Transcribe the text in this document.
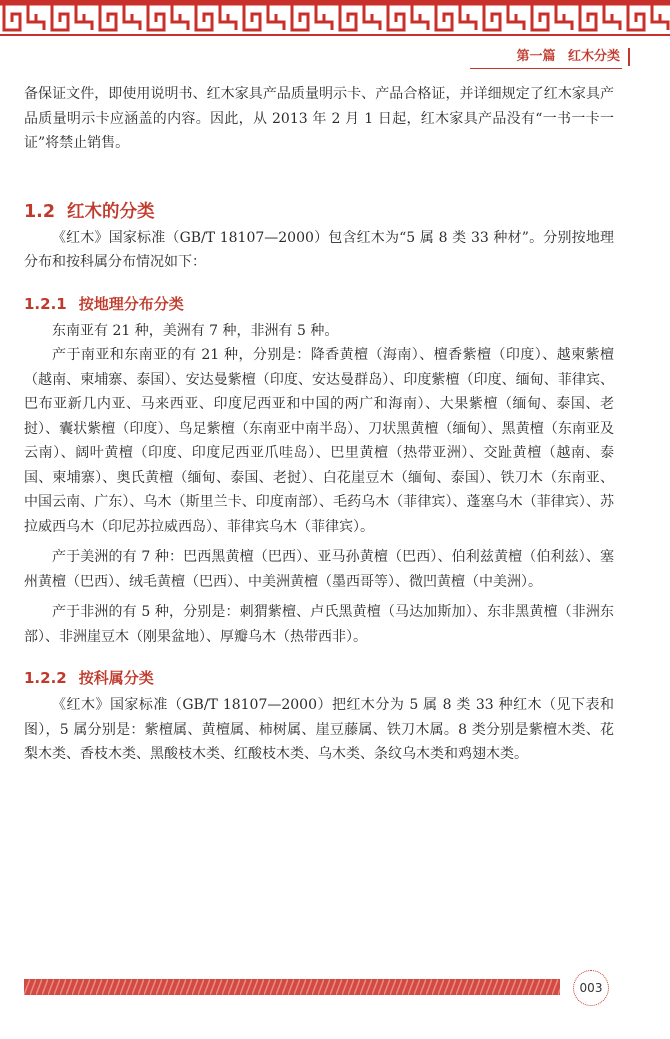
第一篇 红木分类

备保证文件，即使用说明书、红木家具产品质量明示卡、产品合格证，并详细规定了红木家具产品质量明示卡应涵盖的内容。因此，从 2013 年 2 月 1 日起，红木家具产品没有“一书一卡一证”将禁止销售。

1.2 红木的分类

《红木》国家标准（GB/T 18107—2000）包含红木为“5 属 8 类 33 种材”。分别按地理分布和按科属分布情况如下：

1.2.1 按地理分布分类

东南亚有 21 种，美洲有 7 种，非洲有 5 种。

产于南亚和东南亚的有 21 种，分别是：降香黄檀（海南）、檀香紫檀（印度）、越柬紫檀（越南、柬埔寨、泰国）、安达曼紫檀（印度、安达曼群岛）、印度紫檀（印度、缅甸、菲律宾、巴布亚新几内亚、马来西亚、印度尼西亚和中国的两广和海南）、大果紫檀（缅甸、泰国、老挝）、囊状紫檀（印度）、鸟足紫檀（东南亚中南半岛）、刀状黑黄檀（缅甸）、黑黄檀（东南亚及云南）、阔叶黄檀（印度、印度尼西亚爪哇岛）、巴里黄檀（热带亚洲）、交趾黄檀（越南、泰国、柬埔寨）、奥氏黄檀（缅甸、泰国、老挝）、白花崖豆木（缅甸、泰国）、铁刀木（东南亚、中国云南、广东）、乌木（斯里兰卡、印度南部）、毛药乌木（菲律宾）、蓬塞乌木（菲律宾）、苏拉威西乌木（印尼苏拉威西岛）、菲律宾乌木（菲律宾）。

产于美洲的有 7 种：巴西黑黄檀（巴西）、亚马孙黄檀（巴西）、伯利兹黄檀（伯利兹）、塞州黄檀（巴西）、绒毛黄檀（巴西）、中美洲黄檀（墨西哥等）、微凹黄檀（中美洲）。

产于非洲的有 5 种，分别是：刺猬紫檀、卢氏黑黄檀（马达加斯加）、东非黑黄檀（非洲东部）、非洲崖豆木（刚果盆地）、厚瓣乌木（热带西非）。

1.2.2 按科属分类

《红木》国家标准（GB/T 18107—2000）把红木分为 5 属 8 类 33 种红木（见下表和图），5 属分别是：紫檀属、黄檀属、柿树属、崖豆藤属、铁刀木属。8 类分别是紫檀木类、花梨木类、香枝木类、黑酸枝木类、红酸枝木类、乌木类、条纹乌木类和鸡翅木类。

003
